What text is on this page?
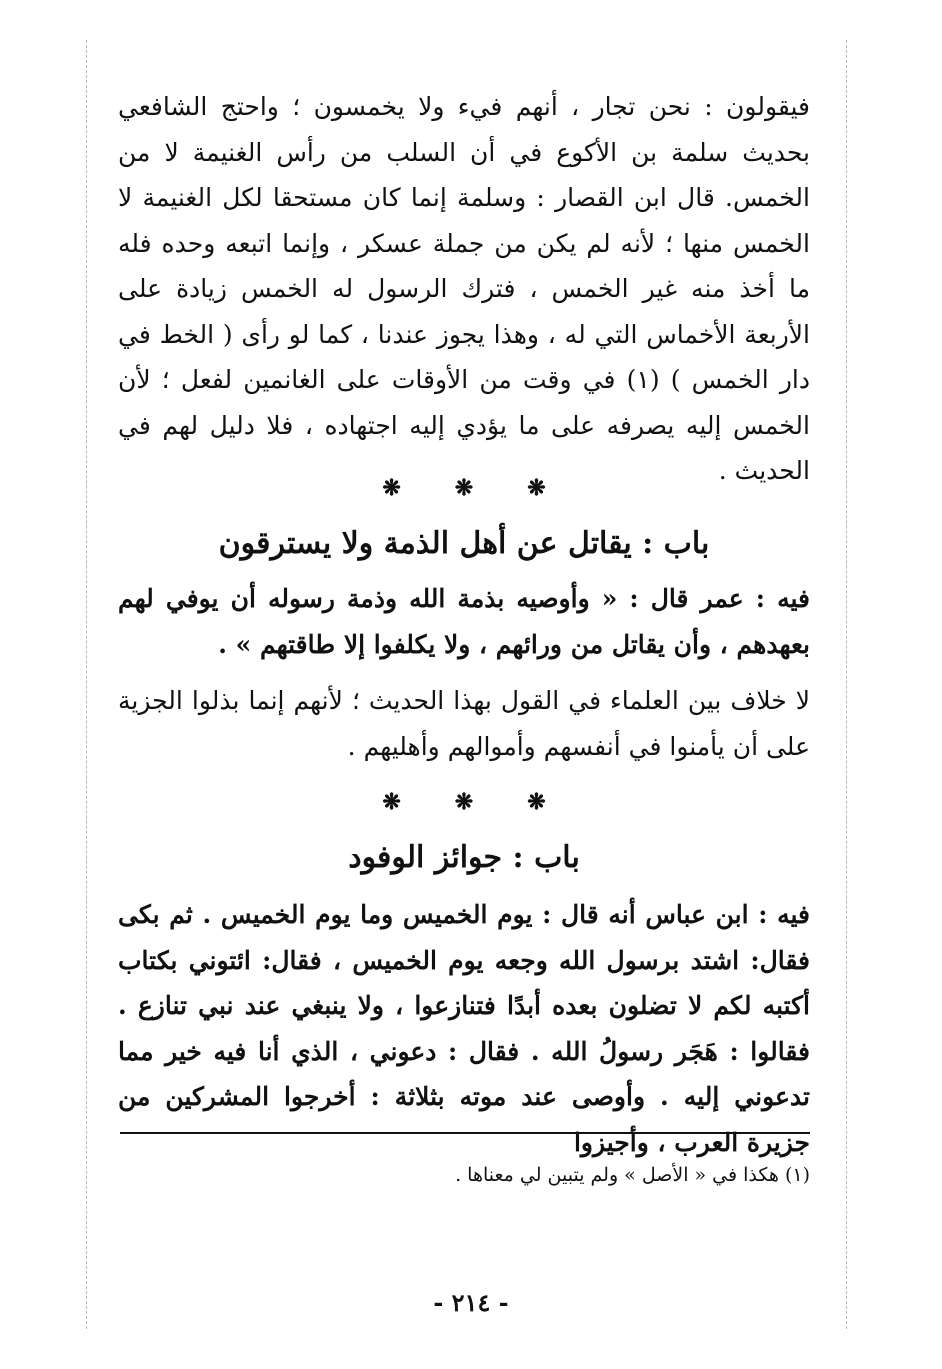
فيقولون : نحن تجار ، أنهم فيء ولا يخمسون ؛ واحتج الشافعي بحديث سلمة بن الأكوع في أن السلب من رأس الغنيمة لا من الخمس. قال ابن القصار : وسلمة إنما كان مستحقا لكل الغنيمة لا الخمس منها ؛ لأنه لم يكن من جملة عسكر ، وإنما اتبعه وحده فله ما أخذ منه غير الخمس ، فترك الرسول له الخمس زيادة على الأربعة الأخماس التي له ، وهذا يجوز عندنا ، كما لو رأى ( الخط في دار الخمس ) (١) في وقت من الأوقات على الغانمين لفعل ؛ لأن الخمس إليه يصرفه على ما يؤدي إليه اجتهاده ، فلا دليل لهم في الحديث .

❋ ❋ ❋
باب : يقاتل عن أهل الذمة ولا يسترقون

فيه : عمر قال : « وأوصيه بذمة الله وذمة رسوله أن يوفي لهم بعهدهم ، وأن يقاتل من ورائهم ، ولا يكلفوا إلا طاقتهم » .

لا خلاف بين العلماء في القول بهذا الحديث ؛ لأنهم إنما بذلوا الجزية على أن يأمنوا في أنفسهم وأموالهم وأهليهم .

❋ ❋ ❋
باب : جوائز الوفود

فيه : ابن عباس أنه قال : يوم الخميس وما يوم الخميس . ثم بكى فقال: اشتد برسول الله وجعه يوم الخميس ، فقال: ائتوني بكتاب أكتبه لكم لا تضلون بعده أبدًا فتنازعوا ، ولا ينبغي عند نبي تنازع . فقالوا : هَجَر رسولُ الله . فقال : دعوني ، الذي أنا فيه خير مما تدعوني إليه . وأوصى عند موته بثلاثة : أخرجوا المشركين من جزيرة العرب ، وأجيزوا

(١) هكذا في « الأصل » ولم يتبين لي معناها .

- ٢١٤ -
